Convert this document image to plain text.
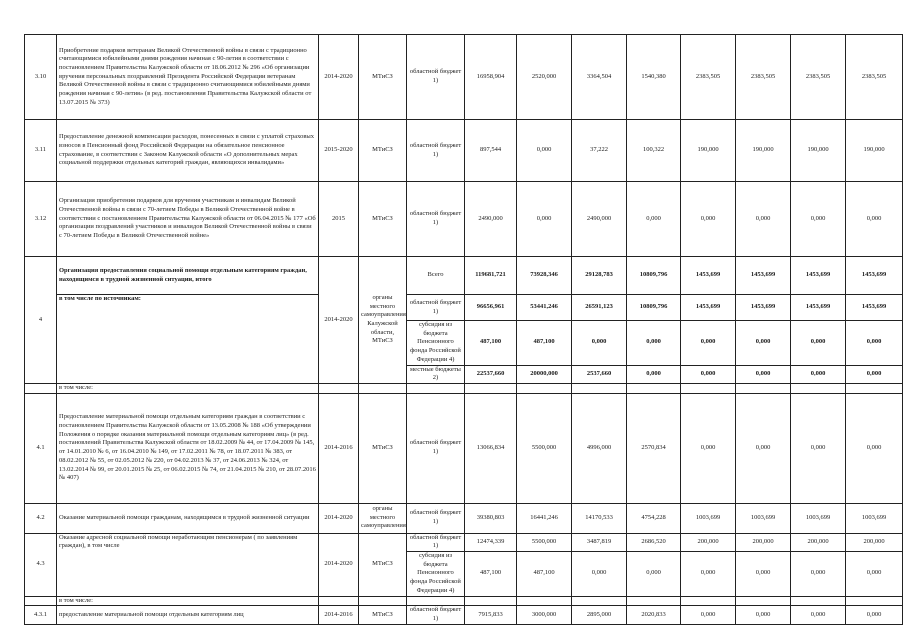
3.10	Приобретение подарков ветеранам Великой Отечественной войны в связи с традиционно считающимися юбилейными днями рождения начиная с 90-летия в соответствии с постановлением Правительства Калужской области от 18.06.2012 № 296 «Об организации вручения персональных поздравлений Президента Российской Федерации ветеранам Великой Отечественной войны в связи с традиционно считающимися юбилейными днями рождения начиная с 90-летия» (в ред. постановления Правительства Калужской области от 13.07.2015 № 373)	2014-2020	МТиСЗ	областной бюджет 1)	16958,904	2520,000	3364,504	1540,380	2383,505	2383,505	2383,505	2383,505
3.11	Предоставление денежной компенсации расходов, понесенных в связи с уплатой страховых взносов в Пенсионный фонд Российской Федерации на обязательное пенсионное страхование, в соответствии с Законом Калужской области «О дополнительных мерах социальной поддержки отдельных категорий граждан, являющихся инвалидами»	2015-2020	МТиСЗ	областной бюджет 1)	897,544	0,000	37,222	100,322	190,000	190,000	190,000	190,000
3.12	Организация приобретения подарков для вручения участникам и инвалидам Великой Отечественной войны в связи с 70-летием Победы в Великой Отечественной войне в соответствии с постановлением Правительства Калужской области от 06.04.2015 № 177 «Об организации поздравлений участников и инвалидов Великой Отечественной войны в связи с 70-летием Победы в Великой Отечественной войне»	2015	МТиСЗ	областной бюджет 1)	2490,000	0,000	2490,000	0,000	0,000	0,000	0,000	0,000
4	Организация предоставления социальной помощи отдельным категориям граждан, находящимся в трудной жизненной ситуации, итого	2014-2020	органы местного самоуправления Калужской области, МТиСЗ	Всего	119681,721	73928,346	29128,783	10809,796	1453,699	1453,699	1453,699	1453,699
	в том числе по источникам:			областной бюджет 1)	96656,961	53441,246	26591,123	10809,796	1453,699	1453,699	1453,699	1453,699
				субсидия из бюджета Пенсионного фонда Российской Федерации 4)	487,100	487,100	0,000	0,000	0,000	0,000	0,000	0,000
				местные бюджеты 2)	22537,660	20000,000	2537,660	0,000	0,000	0,000	0,000	0,000
	в том числе:											
4.1	Предоставление материальной помощи отдельным категориям граждан в соответствии с постановлением Правительства Калужской области от 13.05.2008 № 188 «Об утверждении Положения о порядке оказания материальной помощи отдельным категориям лиц» (в ред. постановлений Правительства Калужской области от 18.02.2009 № 44, от 17.04.2009 № 145, от 14.01.2010 № 6, от 16.04.2010 № 149, от 17.02.2011 № 78, от 18.07.2011 № 383, от 08.02.2012 № 55, от 02.05.2012 № 220, от 04.02.2013 № 37, от 24.06.2013 № 324, от 13.02.2014 № 99, от 20.01.2015 № 25, от 06.02.2015 № 74, от 21.04.2015 № 210, от 28.07.2016 № 407)	2014-2016	МТиСЗ	областной бюджет 1)	13066,834	5500,000	4996,000	2570,834	0,000	0,000	0,000	0,000
4.2	Оказание материальной помощи гражданам, находящимся в трудной жизненной ситуации	2014-2020	органы местного самоуправления	областной бюджет 1)	39380,803	16441,246	14170,533	4754,228	1003,699	1003,699	1003,699	1003,699
4.3	Оказание адресной социальной помощи неработающим пенсионерам ( по заявлениям граждан), в том числе	2014-2020	МТиСЗ	областной бюджет 1)	12474,339	5500,000	3487,819	2686,520	200,000	200,000	200,000	200,000
				субсидия из бюджета Пенсионного фонда Российской Федерации 4)	487,100	487,100	0,000	0,000	0,000	0,000	0,000	0,000
	в том числе:											
4.3.1	предоставление материальной помощи отдельным категориям лиц	2014-2016	МТиСЗ	областной бюджет 1)	7915,833	3000,000	2895,000	2020,833	0,000	0,000	0,000	0,000
